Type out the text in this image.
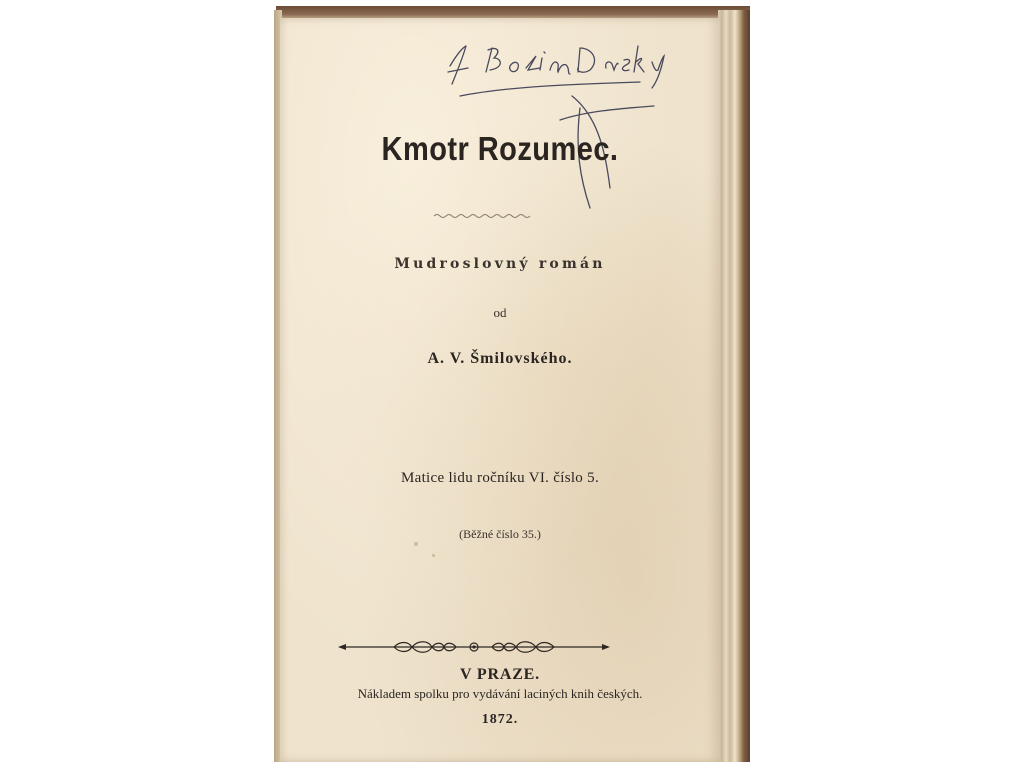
Kmotr Rozumec.
Mudroslovný román
od
A. V. Šmilovského.
Matice lidu ročníku VI. číslo 5.
(Běžné číslo 35.)
V PRAZE.
Nákladem spolku pro vydávání laciných knih českých.
1872.
